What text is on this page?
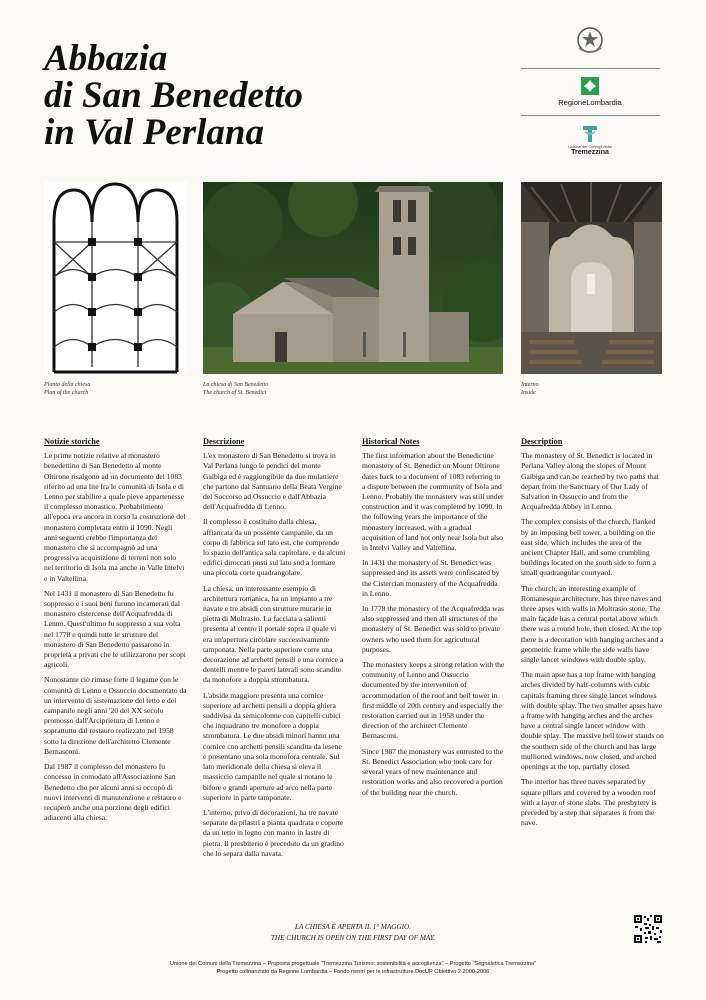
Abbazia
di San Benedetto
in Val Perlana
RegioneLombardia
Unione dei Comuni della
Tremezzina
Pianta della chiesa
Plan of the church
La chiesa di San Benedetto
The church of St. Benedict
Interno
Inside
Notizie storiche

Le prime notizie relative al monastero benedettino di San Benedetto al monte Oltirone risalgono ad un documento del 1083 riferito ad una lite fra le comunità di Isola e di Lenno per stabilire a quale pieve appartenesse il complesso monastico. Probabilmente all'epoca era ancora in corso la costruzione del monastero completata entro il 1090. Negli anni seguenti crebbe l'importanza del monastero che si accompagnò ad una progressiva acquisizione di terreni non solo nel territorio di Isola ma anche in Valle Intelvi e in Valtellina.

Nel 1431 il monastero di San Benedetto fu soppresso e i suoi beni furono incamerati dal monastero cistercense dell'Acquafredda di Lenno. Quest'ultimo fu soppresso a sua volta nel 1778 e quindi tutte le strutture del monastero di San Benedetto passarono in proprietà a privati che le utilizzarono per scopi agricoli.

Nonostante ciò rimase forte il legame con le comunità di Lenno e Ossuccio documentato da un intervento di sistemazione del tetto e del campanile negli anni '20 del XX secolo promosso dall'Arciprietura di Lenno e soprattutto dal restauro realizzato nel 1958 sotto la direzione dell'architetto Clemente Bernasconi.

Dal 1987 il complesso del monastero fu concesso in comodato all'Associazione San Benedetto che per alcuni anni si occupò di nuovi interventi di manutenzione e restauro e recuperò anche una porzione degli edifici adiacenti alla chiesa.

Descrizione

L'ex monastero di San Benedetto si trova in Val Perlana lungo le pendici del monte Galbiga ed è raggiungibile da due mulattiere che partono dal Santuario della Beata Vergine del Soccorso ad Ossuccio e dall'Abbazia dell'Acquafredda di Lenno.

Il complesso è costituito dalla chiesa, affiancata da un possente campanile, da un corpo di fabbrica sul lato est, che comprende lo spazio dell'antica sala capitolare, e da alcuni edifici diroccati posti sul lato sud a formare una piccola corte quadrangolare.

La chiesa, un interessante esempio di architettura romanica, ha un impianto a tre navate e tre absidi con strutture murarie in pietra di Moltrasio. La facciata a salienti presenta al centro il portale sopra il quale vi era un'apertura circolare successivamente tamponata. Nella parte superiore corre una decorazione ad archetti pensili e una cornice a dentelli mentre le pareti laterali sono scandite da monofore a doppia strombatura.

L'abside maggiore presenta una cornice superiore ad archetti pensili a doppia ghiera suddivisa da semicolonne con capitelli cubici che inquadrano tre monofore a doppia strombatura. Le due absidi minori hanno una cornice con archetti pensili scandita da lesene e presentano una sola monofora centrale. Sul lato meridionale della chiesa si eleva il massiccio campanile nel quale si notano le bifore e grandi aperture ad arco nella parte superiore in parte tamponate.

L'interno, privo di decorazioni, ha tre navate separate da pilastri a pianta quadrata e coperte da un tetto in legno con manto in lastre di pietra. Il presbiterio è preceduto da un gradino che lo separa dalla navata.

Historical Notes

The first information about the Benedictine monastery of St. Benedict on Mount Oltirone dates back to a document of 1083 referring to a dispute between the community of Isola and Lenno. Probably the monastery was still under construction and it was completed by 1090. In the following years the importance of the monastery increased, with a gradual acquisition of land not only near Isola but also in Intelvi Valley and Valtellina.

In 1431 the monastery of St. Benedict was suppressed and its assets were confiscated by the Cistercian monastery of the Acquafredda in Lenno.

In 1778 the monastery of the Acquafredda was also suppressed and then all structures of the monastery of St. Benedict was sold to private owners who used them for agricultural purposes.

The monastery keeps a strong relation with the community of Lenno and Ossuccio documented by the intervention of accommodation of the roof and bell tower in first middle of 20th century and especially the restoration carried out in 1958 under the direction of the architect Clemente Bernasconi.

Since 1987 the monastery was entrusted to the St. Benedict Association who took care for several years of new maintenance and restoration works and also recovered a portion of the building near the church.

Description

The monastery of St. Benedict is located in Perlana Valley along the slopes of Mount Galbiga and can be reached by two paths that depart from the Sanctuary of Our Lady of Salvation in Ossuccio and from the Acquafredda Abbey in Lenno.

The complex consists of the church, flanked by an imposing bell tower, a building on the east side, which includes the area of the ancient Chapter Hall, and some crumbling buildings located on the south side to form a small quadrangular courtyard.

The church, an interesting example of Romanesque architecture, has three naves and three apses with walls in Moltrasio stone. The main façade has a central portal above which there was a round hole, then closed. At the top there is a decoration with hanging arches and a geometric frame while the side walls have single lancet windows with double splay.

The main apse has a top frame with hanging arches divided by half-columns with cubic capitals framing three single lancet windows with double splay. The two smaller apses have a frame with hanging arches and the arches have a central single lancet window with double splay. The massive bell tower stands on the southern side of the church and has large mullioned windows, now closed, and arched openings at the top, partially closed.

The interior has three naves separated by square pillars and covered by a wooden roof with a layer of stone slabs. The presbytery is preceded by a step that separates it from the nave.

LA CHIESA È APERTA IL 1° MAGGIO.
THE CHURCH IS OPEN ON THE FIRST DAY OF MAY.
Unione dei Comuni della Tremezzina – Proposta progettuale "Tremezzina Turismo: sostenibilità e accoglienza" – Progetto "Segnaletica Tremezzina"
Progetto cofinanziato da Regione Lombardia – Fondo rientri per le infrastrutture DocUP Obiettivo 2 2000-2006
